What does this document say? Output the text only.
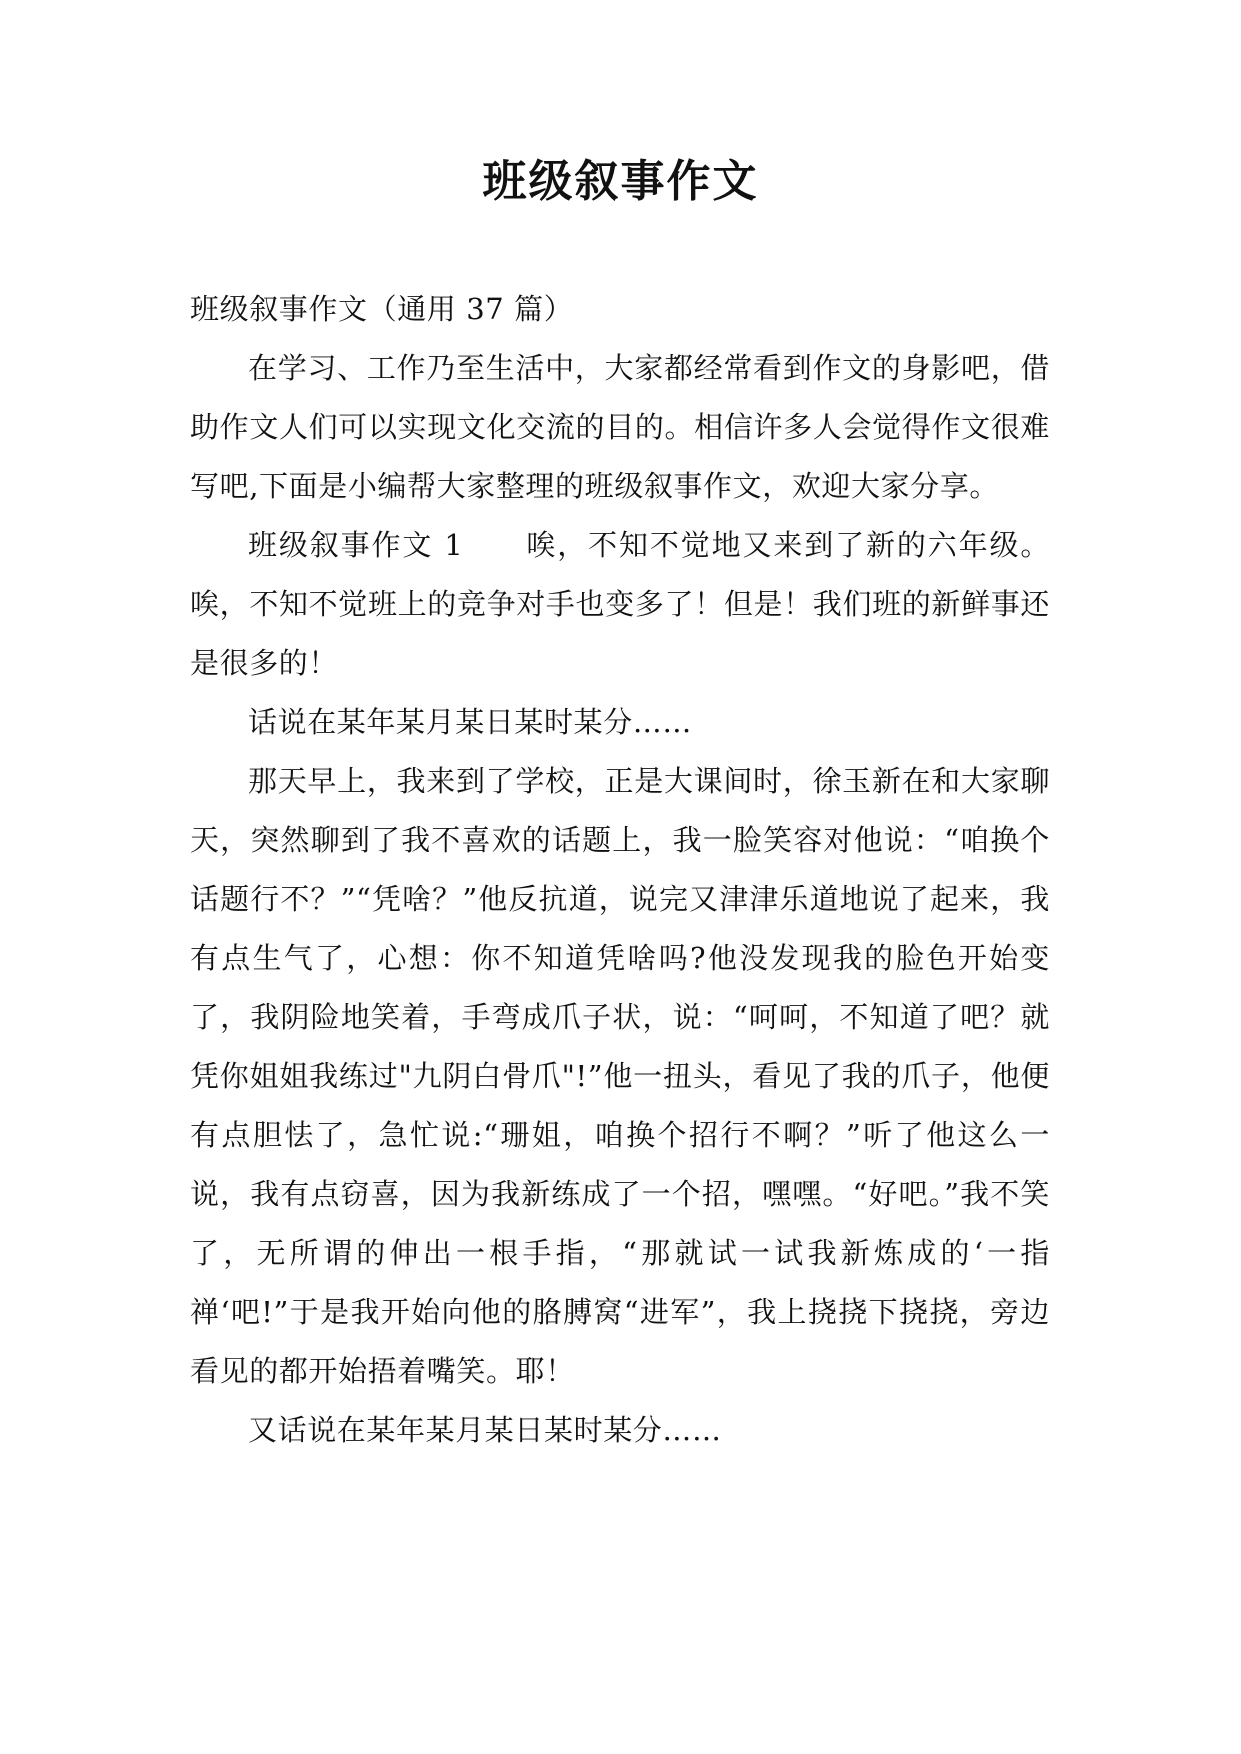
班级叙事作文

班级叙事作文（通用 37 篇）

在学习、工作乃至生活中，大家都经常看到作文的身影吧，借助作文人们可以实现文化交流的目的。相信许多人会觉得作文很难写吧,下面是小编帮大家整理的班级叙事作文，欢迎大家分享。

班级叙事作文 1　　唉，不知不觉地又来到了新的六年级。唉，不知不觉班上的竞争对手也变多了！但是！我们班的新鲜事还是很多的！

话说在某年某月某日某时某分……

那天早上，我来到了学校，正是大课间时，徐玉新在和大家聊天，突然聊到了我不喜欢的话题上，我一脸笑容对他说：“咱换个话题行不？”“凭啥？”他反抗道，说完又津津乐道地说了起来，我有点生气了，心想：你不知道凭啥吗?他没发现我的脸色开始变了，我阴险地笑着，手弯成爪子状，说：“呵呵，不知道了吧？就凭你姐姐我练过"九阴白骨爪"!”他一扭头，看见了我的爪子，他便有点胆怯了，急忙说:“珊姐，咱换个招行不啊？”听了他这么一说，我有点窃喜，因为我新练成了一个招，嘿嘿。“好吧。”我不笑了，无所谓的伸出一根手指，“那就试一试我新炼成的‘一指禅‘吧!”于是我开始向他的胳膊窝“进军”，我上挠挠下挠挠，旁边看见的都开始捂着嘴笑。耶！

又话说在某年某月某日某时某分……
